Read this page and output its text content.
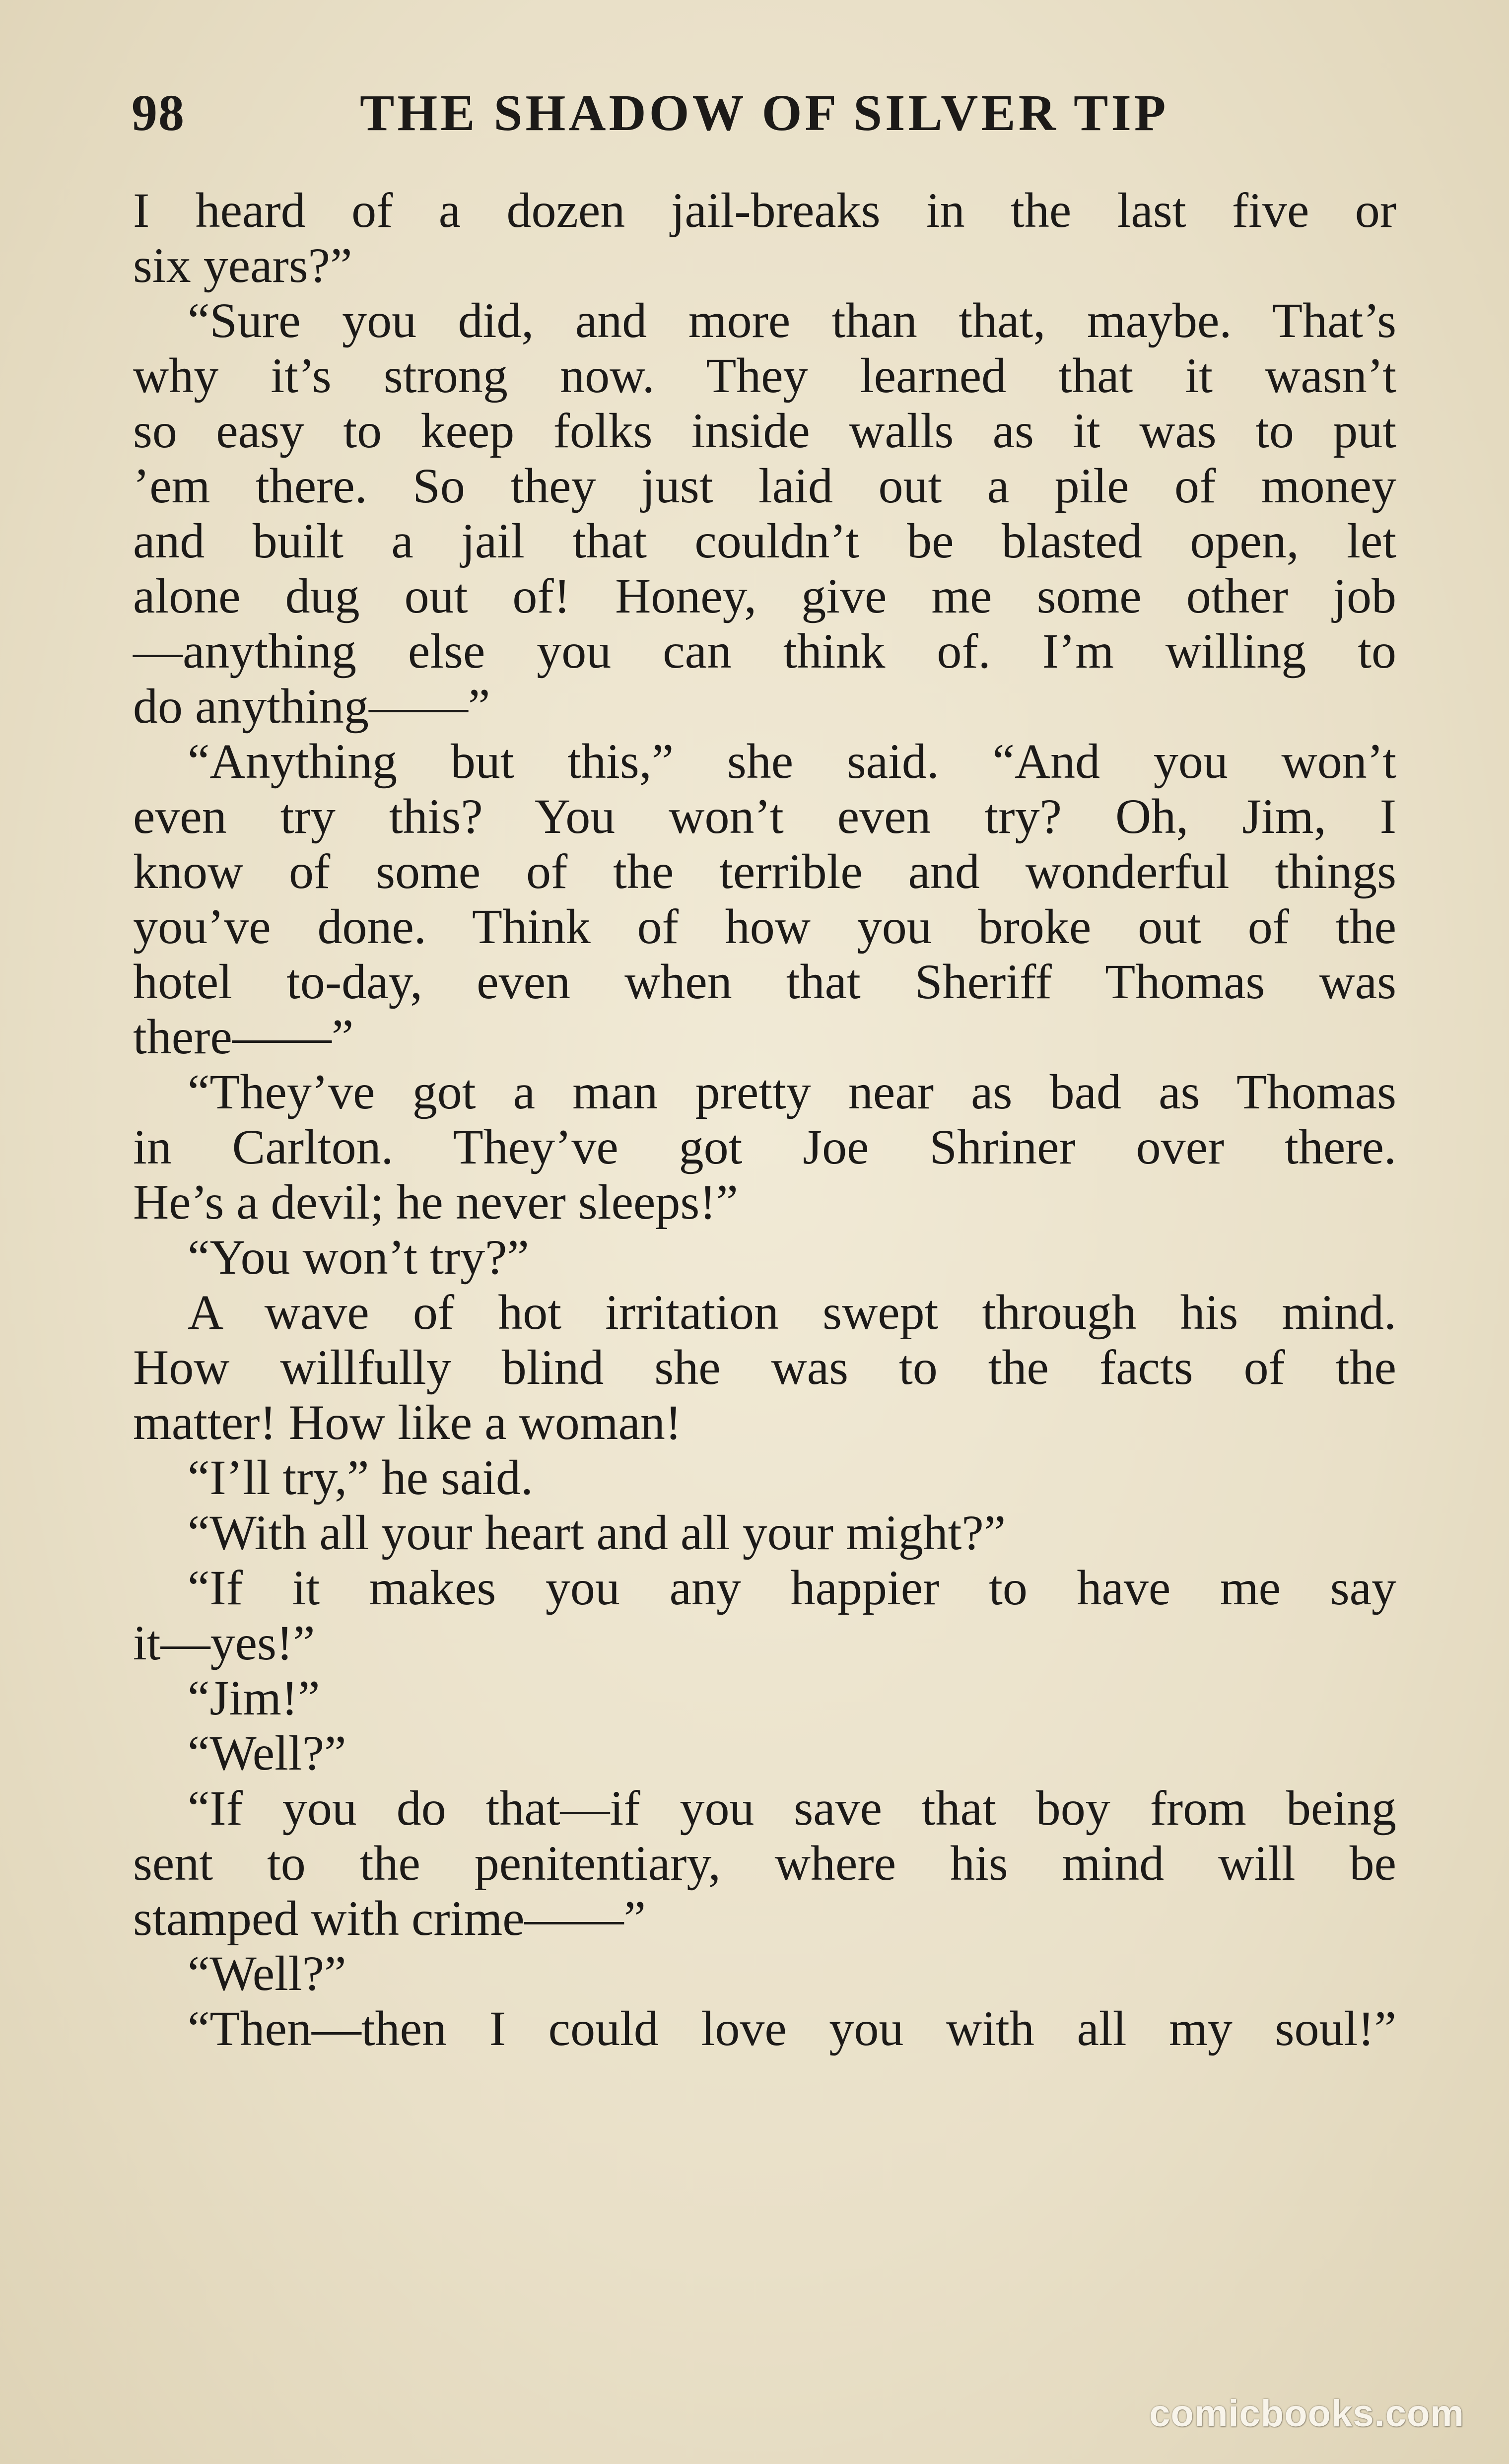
98	THE SHADOW OF SILVER TIP
I heard of a dozen jail-breaks in the last five or
six years?”
“Sure you did, and more than that, maybe. That’s
why it’s strong now. They learned that it wasn’t
so easy to keep folks inside walls as it was to put
’em there. So they just laid out a pile of money
and built a jail that couldn’t be blasted open, let
alone dug out of! Honey, give me some other job
—anything else you can think of. I’m willing to
do anything——”
“Anything but this,” she said. “And you won’t
even try this? You won’t even try? Oh, Jim, I
know of some of the terrible and wonderful things
you’ve done. Think of how you broke out of the
hotel to-day, even when that Sheriff Thomas was
there——”
“They’ve got a man pretty near as bad as Thomas
in Carlton. They’ve got Joe Shriner over there.
He’s a devil; he never sleeps!”
“You won’t try?”
A wave of hot irritation swept through his mind.
How willfully blind she was to the facts of the
matter! How like a woman!
“I’ll try,” he said.
“With all your heart and all your might?”
“If it makes you any happier to have me say
it—yes!”
“Jim!”
“Well?”
“If you do that—if you save that boy from being
sent to the penitentiary, where his mind will be
stamped with crime——”
“Well?”
“Then—then I could love you with all my soul!”
comicbooks.com
